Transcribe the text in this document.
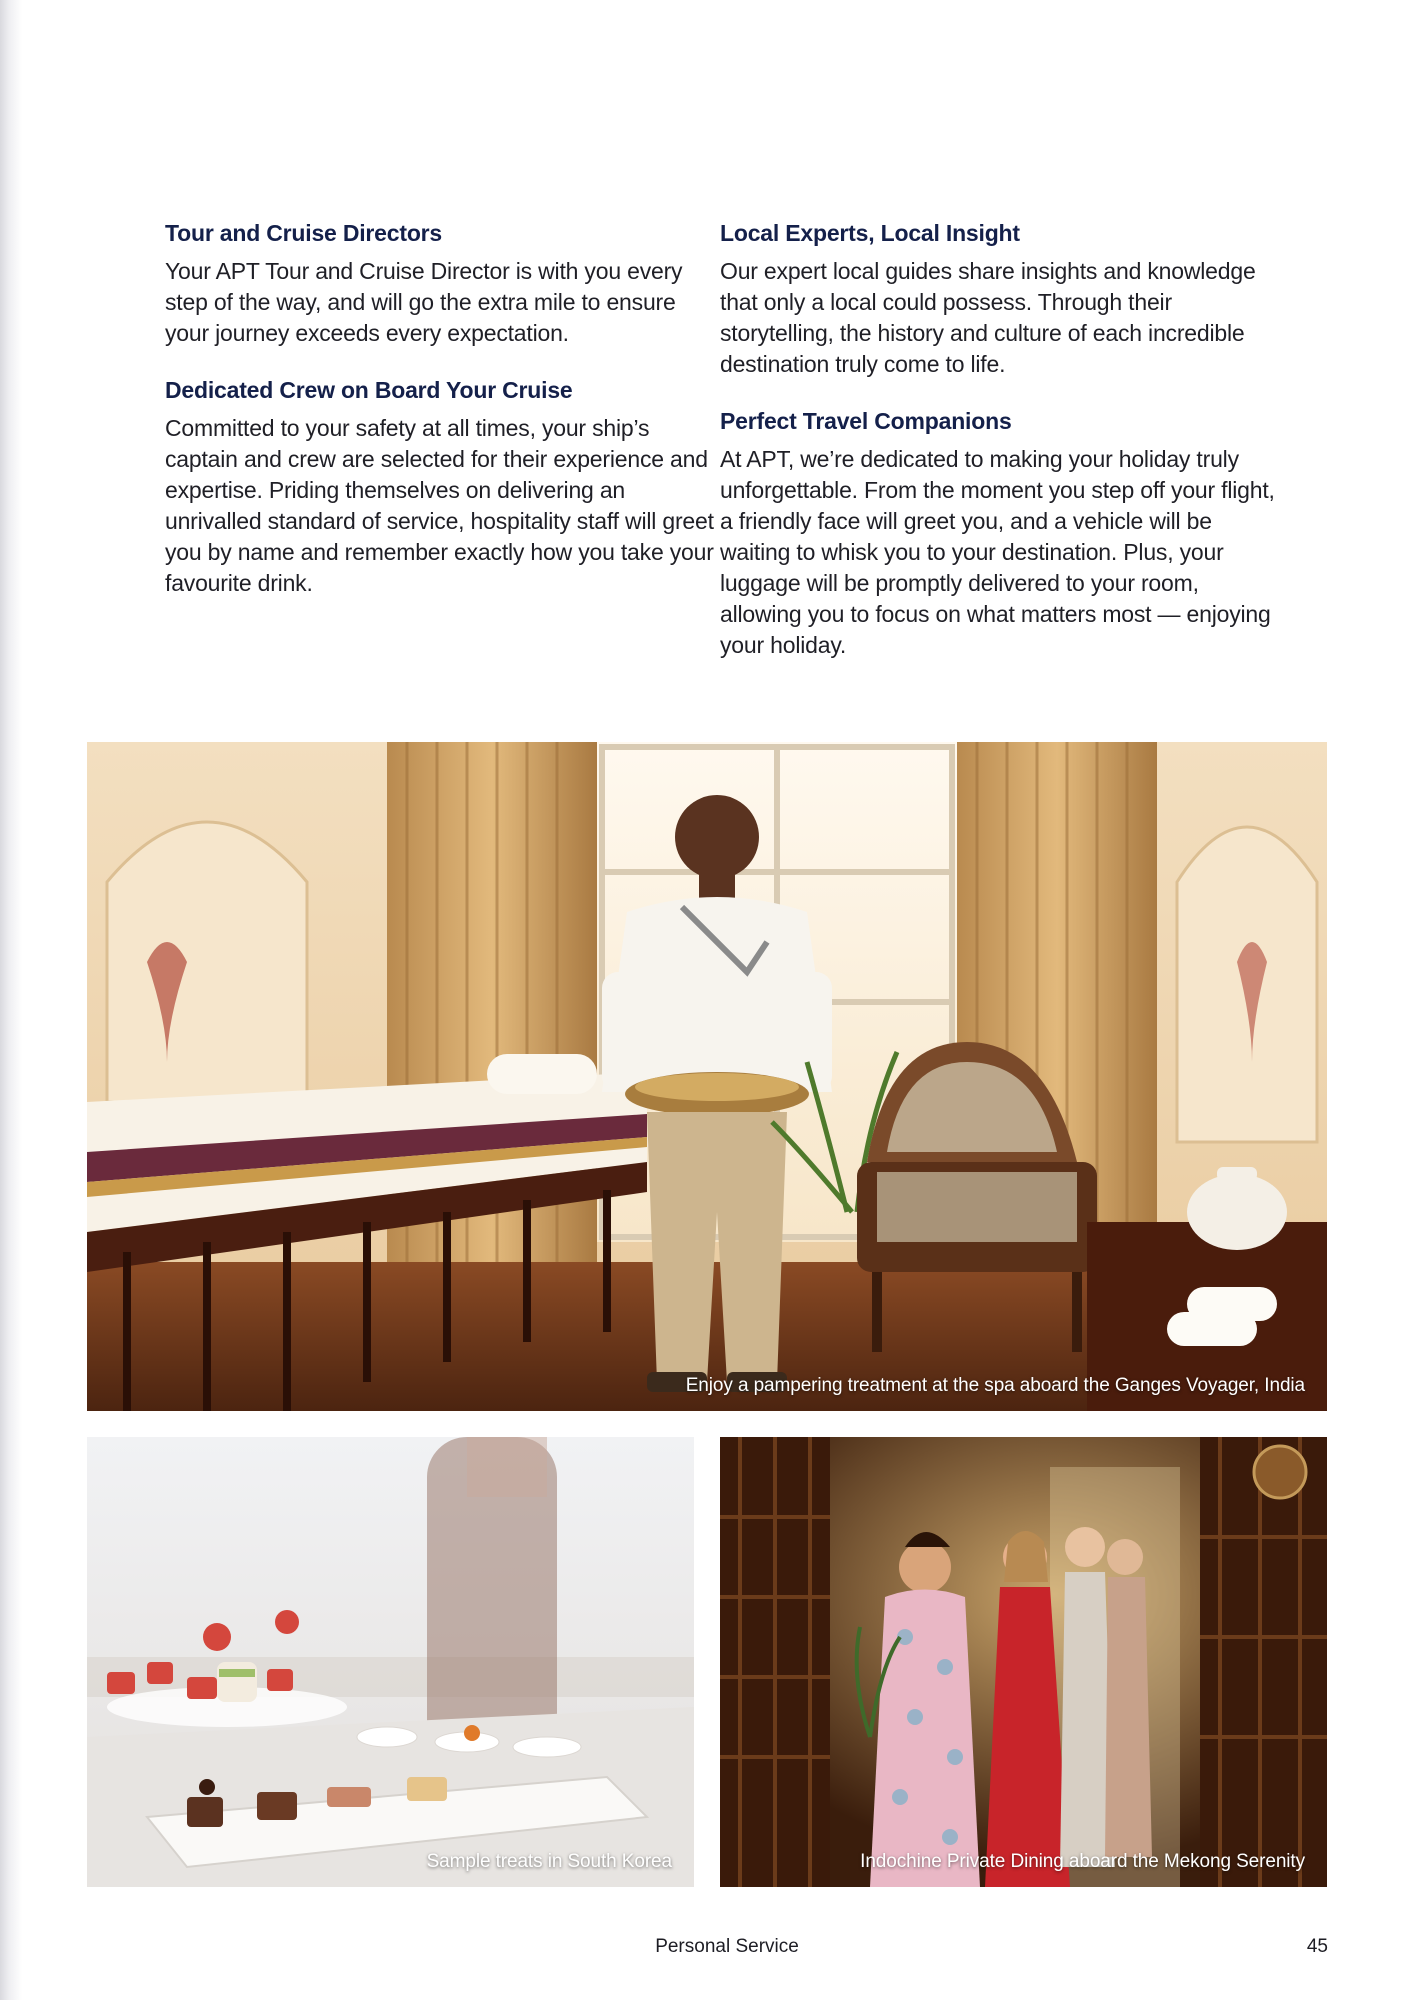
Tour and Cruise Directors

Your APT Tour and Cruise Director is with you every step of the way, and will go the extra mile to ensure your journey exceeds every expectation.

Dedicated Crew on Board Your Cruise

Committed to your safety at all times, your ship’s captain and crew are selected for their experience and expertise. Priding themselves on delivering an unrivalled standard of service, hospitality staff will greet you by name and remember exactly how you take your favourite drink.

Local Experts, Local Insight

Our expert local guides share insights and knowledge that only a local could possess. Through their storytelling, the history and culture of each incredible destination truly come to life.

Perfect Travel Companions

At APT, we’re dedicated to making your holiday truly unforgettable. From the moment you step off your flight, a friendly face will greet you, and a vehicle will be waiting to whisk you to your destination. Plus, your luggage will be promptly delivered to your room, allowing you to focus on what matters most — enjoying your holiday.

Enjoy a pampering treatment at the spa aboard the Ganges Voyager, India
Sample treats in South Korea	Indochine Private Dining aboard the Mekong Serenity
Personal Service	45
